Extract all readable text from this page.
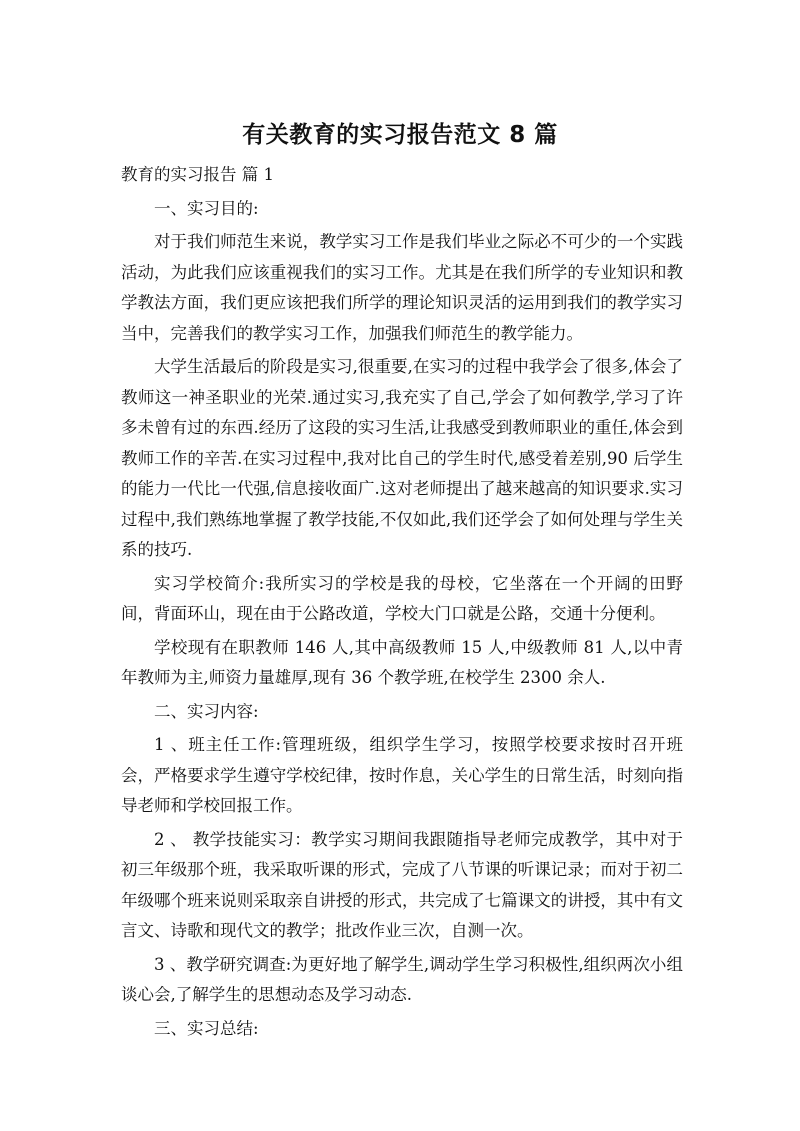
有关教育的实习报告范文 8 篇

教育的实习报告 篇 1

一、实习目的:

对于我们师范生来说，教学实习工作是我们毕业之际必不可少的一个实践活动，为此我们应该重视我们的实习工作。尤其是在我们所学的专业知识和教学教法方面，我们更应该把我们所学的理论知识灵活的运用到我们的教学实习当中，完善我们的教学实习工作，加强我们师范生的教学能力。

大学生活最后的阶段是实习,很重要,在实习的过程中我学会了很多,体会了教师这一神圣职业的光荣.通过实习,我充实了自己,学会了如何教学,学习了许多未曾有过的东西.经历了这段的实习生活,让我感受到教师职业的重任,体会到教师工作的辛苦.在实习过程中,我对比自己的学生时代,感受着差别,90 后学生的能力一代比一代强,信息接收面广.这对老师提出了越来越高的知识要求.实习过程中,我们熟练地掌握了教学技能,不仅如此,我们还学会了如何处理与学生关系的技巧.

实习学校简介:我所实习的学校是我的母校，它坐落在一个开阔的田野间，背面环山，现在由于公路改道，学校大门口就是公路，交通十分便利。

学校现有在职教师 146 人,其中高级教师 15 人,中级教师 81 人,以中青年教师为主,师资力量雄厚,现有 36 个教学班,在校学生 2300 余人.

二、实习内容:

1 、班主任工作:管理班级，组织学生学习，按照学校要求按时召开班会，严格要求学生遵守学校纪律，按时作息，关心学生的日常生活，时刻向指导老师和学校回报工作。

2 、 教学技能实习：教学实习期间我跟随指导老师完成教学，其中对于初三年级那个班，我采取听课的形式，完成了八节课的听课记录；而对于初二年级哪个班来说则采取亲自讲授的形式，共完成了七篇课文的讲授，其中有文言文、诗歌和现代文的教学；批改作业三次，自测一次。

3 、教学研究调查:为更好地了解学生,调动学生学习积极性,组织两次小组谈心会,了解学生的思想动态及学习动态.

三、实习总结:
